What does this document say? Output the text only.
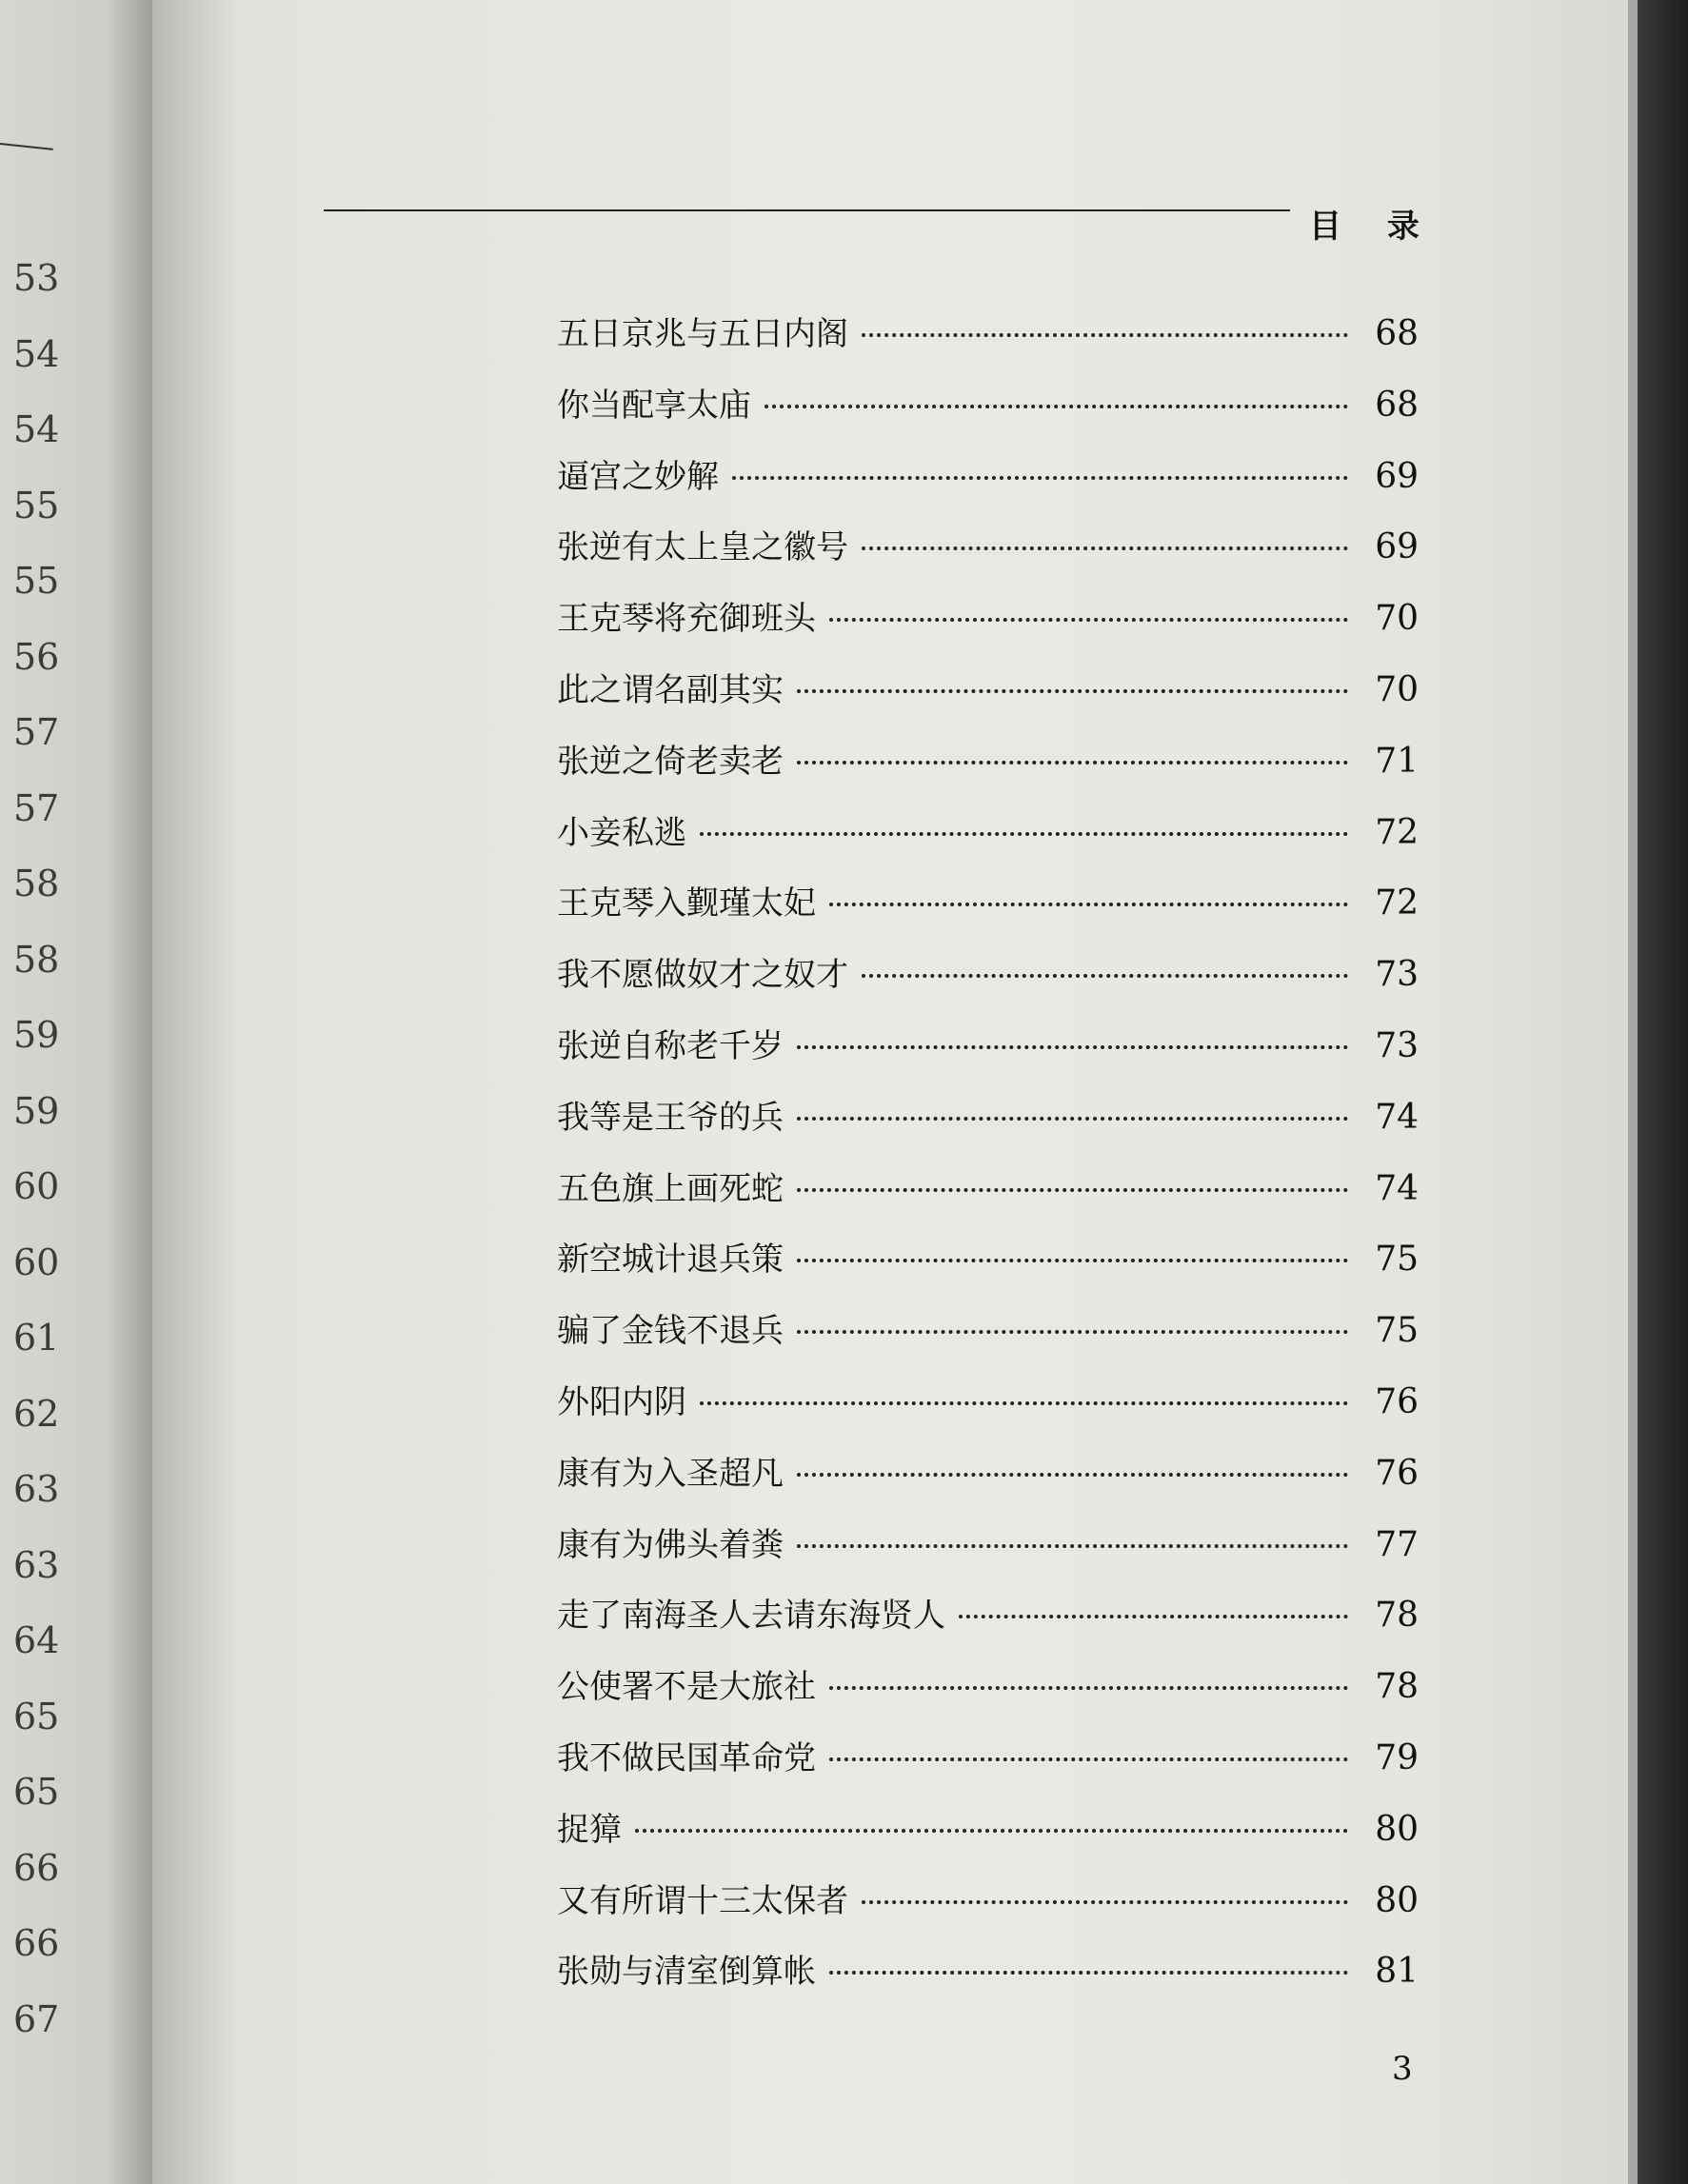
53
54
54
55
55
56
57
57
58
58
59
59
60
60
61
62
63
63
64
65
65
66
66
67
目 录
五日京兆与五日内阁	68
你当配享太庙	68
逼宫之妙解	69
张逆有太上皇之徽号	69
王克琴将充御班头	70
此之谓名副其实	70
张逆之倚老卖老	71
小妾私逃	72
王克琴入觐瑾太妃	72
我不愿做奴才之奴才	73
张逆自称老千岁	73
我等是王爷的兵	74
五色旗上画死蛇	74
新空城计退兵策	75
骗了金钱不退兵	75
外阳内阴	76
康有为入圣超凡	76
康有为佛头着粪	77
走了南海圣人去请东海贤人	78
公使署不是大旅社	78
我不做民国革命党	79
捉獐	80
又有所谓十三太保者	80
张勋与清室倒算帐	81
3
